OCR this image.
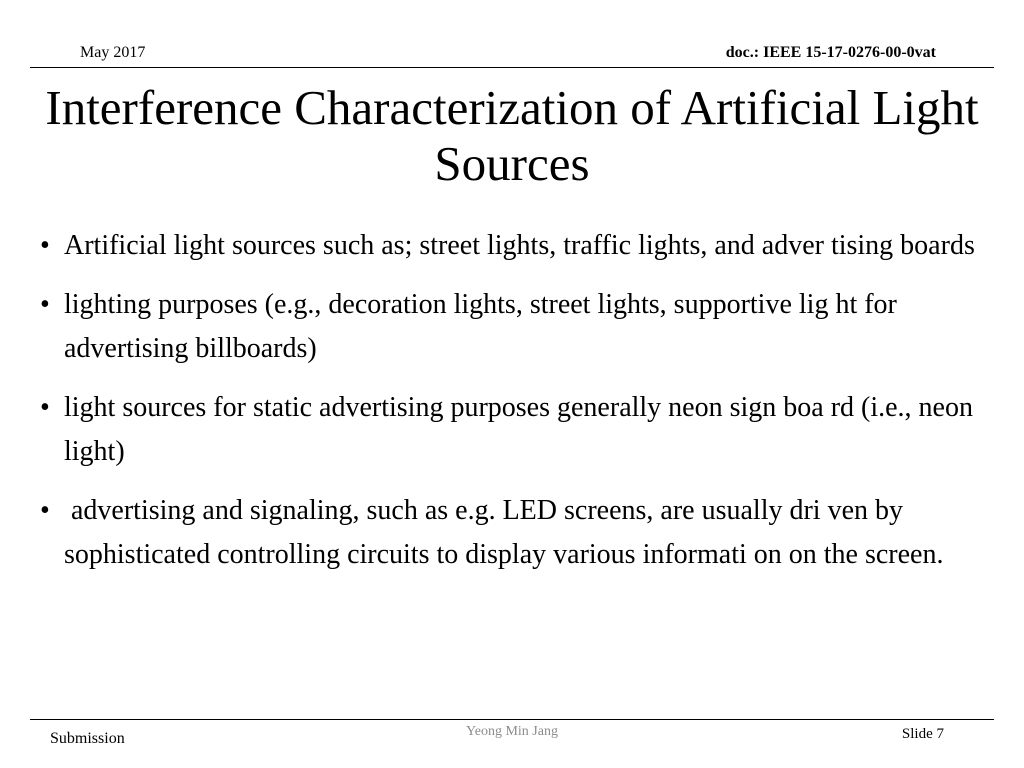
May 2017	doc.: IEEE 15-17-0276-00-0vat
Interference Characterization of Artificial Light Sources
• Artificial light sources such as; street lights, traffic lights, and adver tising boards
• lighting purposes (e.g., decoration lights, street lights, supportive lig ht for advertising billboards)
• light sources for static advertising purposes generally neon sign boa rd (i.e., neon light)
• advertising and signaling, such as e.g. LED screens, are usually dri ven by sophisticated controlling circuits to display various informati on on the screen.
Submission	Yeong Min Jang	Slide 7
